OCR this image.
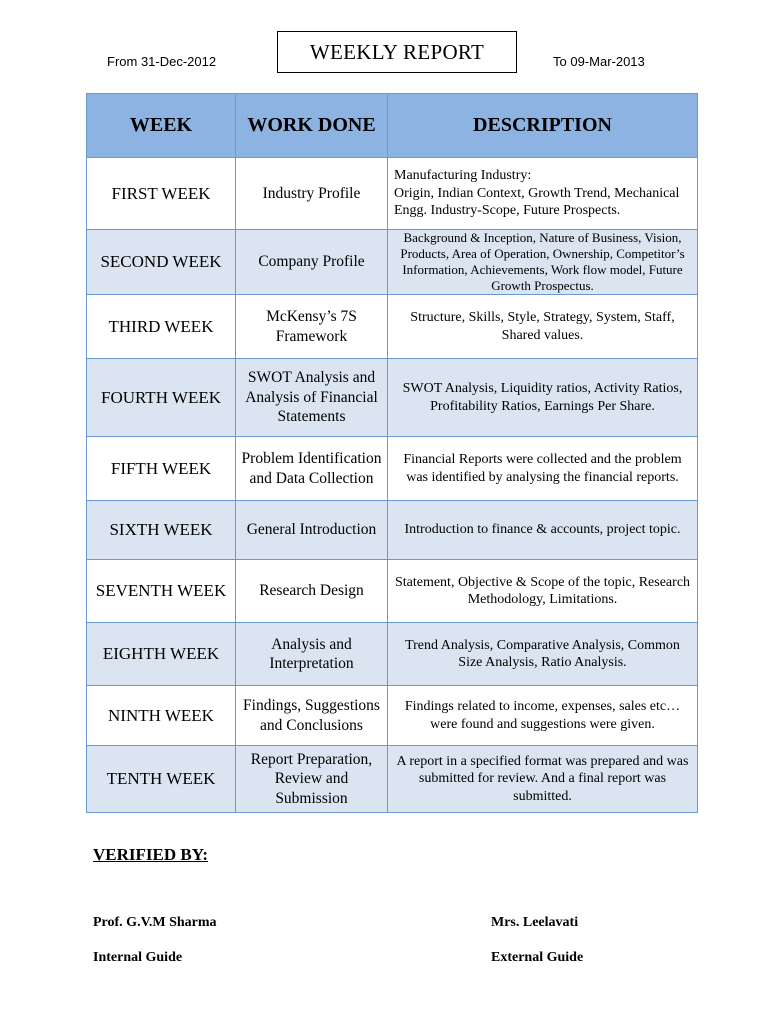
From 31-Dec-2012	WEEKLY REPORT	To 09-Mar-2013
WEEK	WORK DONE	DESCRIPTION
FIRST WEEK	Industry Profile	Manufacturing Industry:
Origin, Indian Context, Growth Trend, Mechanical Engg. Industry-Scope, Future Prospects.
SECOND WEEK	Company Profile	Background & Inception, Nature of Business, Vision, Products, Area of Operation, Ownership, Competitor’s Information, Achievements, Work flow model, Future Growth Prospectus.
THIRD WEEK	McKensy’s 7S Framework	Structure, Skills, Style, Strategy, System, Staff, Shared values.
FOURTH WEEK	SWOT Analysis and Analysis of Financial Statements	SWOT Analysis, Liquidity ratios, Activity Ratios, Profitability Ratios, Earnings Per Share.
FIFTH WEEK	Problem Identification and Data Collection	Financial Reports were collected and the problem was identified by analysing the financial reports.
SIXTH WEEK	General Introduction	Introduction to finance & accounts, project topic.
SEVENTH WEEK	Research Design	Statement, Objective & Scope of the topic, Research Methodology, Limitations.
EIGHTH WEEK	Analysis and Interpretation	Trend Analysis, Comparative Analysis, Common Size Analysis, Ratio Analysis.
NINTH WEEK	Findings, Suggestions and Conclusions	Findings related to income, expenses, sales etc… were found and suggestions were given.
TENTH WEEK	Report Preparation, Review and Submission	A report in a specified format was prepared and was submitted for review. And a final report was submitted.
VERIFIED BY:
Prof. G.V.M Sharma
Internal Guide
Mrs. Leelavati
External Guide
